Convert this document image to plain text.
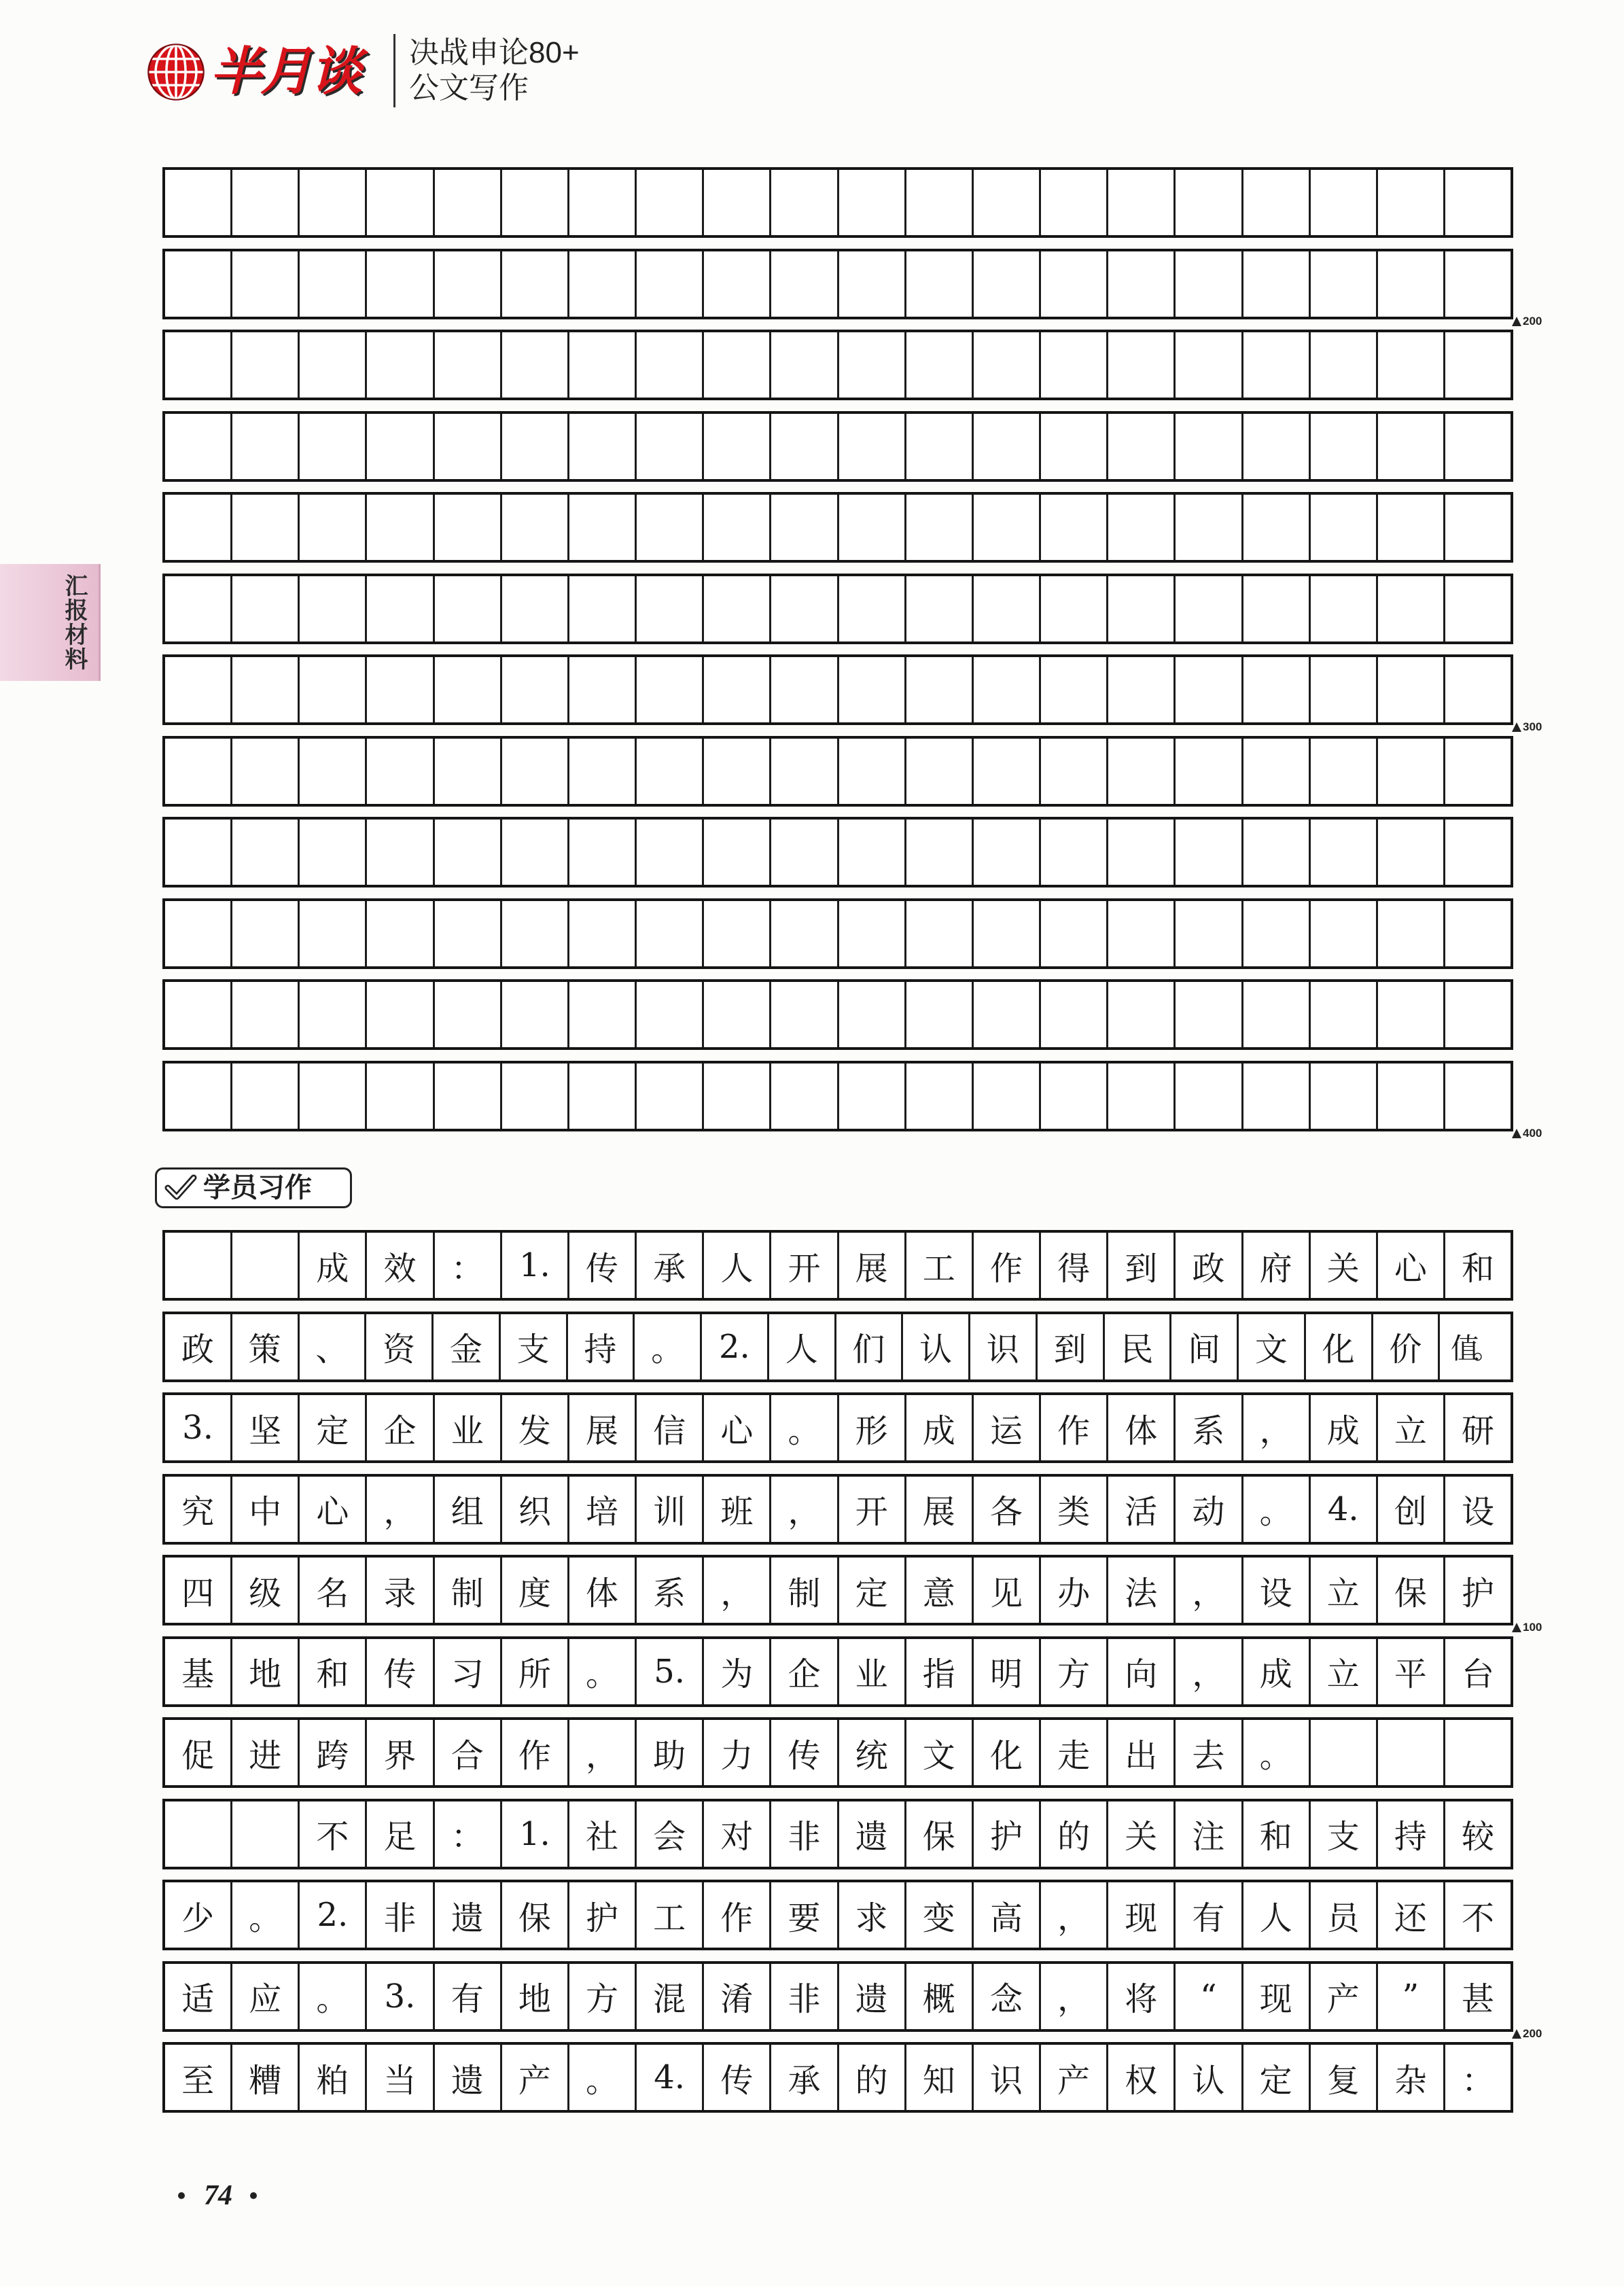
半月谈 决战申论80+
公文写作
汇报材料
200
300
400
学员习作
成	效	：	1.	传	承	人	开	展	工	作	得	到	政	府	关	心	和
政	策	、	资	金	支	持	。	2.	人	们	认	识	到	民	间	文	化	价	值。
3.	坚	定	企	业	发	展	信	心	。	形	成	运	作	体	系	，	成	立	研
究	中	心	，	组	织	培	训	班	，	开	展	各	类	活	动	。	4.	创	设
四	级	名	录	制	度	体	系	，	制	定	意	见	办	法	，	设	立	保	护
100
基	地	和	传	习	所	。	5.	为	企	业	指	明	方	向	，	成	立	平	台
促	进	跨	界	合	作	，	助	力	传	统	文	化	走	出	去	。
不	足	：	1.	社	会	对	非	遗	保	护	的	关	注	和	支	持	较
少	。	2.	非	遗	保	护	工	作	要	求	变	高	，	现	有	人	员	还	不
适	应	。	3.	有	地	方	混	淆	非	遗	概	念	，	将	“	现	产	”	甚
200
至	糟	粕	当	遗	产	。	4.	传	承	的	知	识	产	权	认	定	复	杂	：
74
